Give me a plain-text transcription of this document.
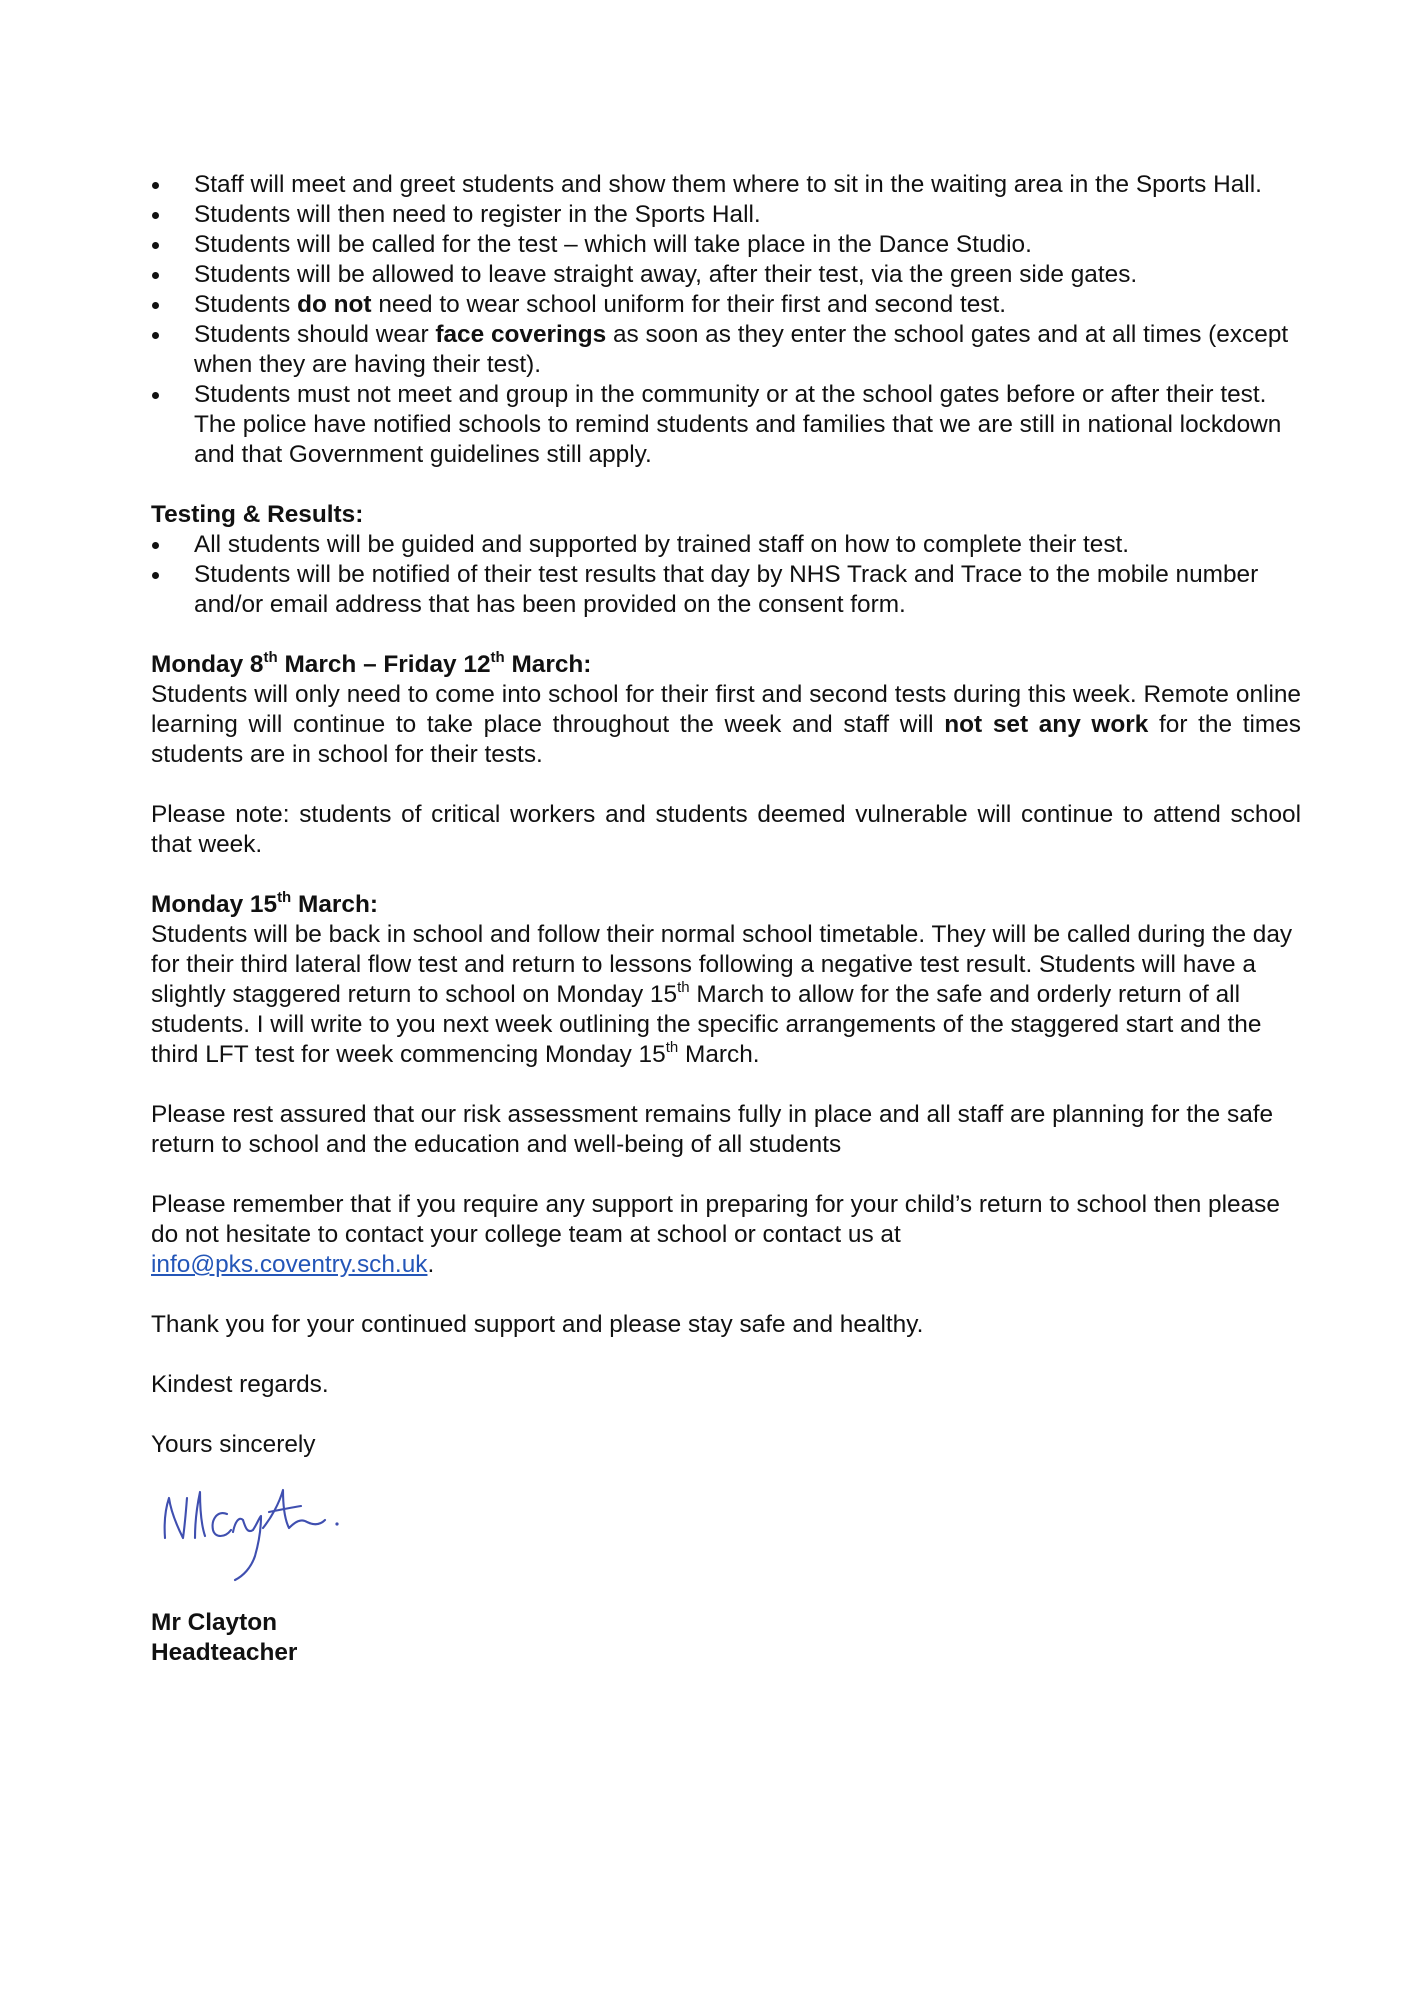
Staff will meet and greet students and show them where to sit in the waiting area in the Sports Hall.
Students will then need to register in the Sports Hall.
Students will be called for the test – which will take place in the Dance Studio.
Students will be allowed to leave straight away, after their test, via the green side gates.
Students do not need to wear school uniform for their first and second test.
Students should wear face coverings as soon as they enter the school gates and at all times (except when they are having their test).
Students must not meet and group in the community or at the school gates before or after their test. The police have notified schools to remind students and families that we are still in national lockdown and that Government guidelines still apply.

Testing & Results:

All students will be guided and supported by trained staff on how to complete their test.
Students will be notified of their test results that day by NHS Track and Trace to the mobile number and/or email address that has been provided on the consent form.

Monday 8th March – Friday 12th March:

Students will only need to come into school for their first and second tests during this week. Remote online learning will continue to take place throughout the week and staff will not set any work for the times students are in school for their tests.

Please note: students of critical workers and students deemed vulnerable will continue to attend school that week.

Monday 15th March:

Students will be back in school and follow their normal school timetable. They will be called during the day for their third lateral flow test and return to lessons following a negative test result. Students will have a slightly staggered return to school on Monday 15th March to allow for the safe and orderly return of all students. I will write to you next week outlining the specific arrangements of the staggered start and the third LFT test for week commencing Monday 15th March.

Please rest assured that our risk assessment remains fully in place and all staff are planning for the safe return to school and the education and well-being of all students

Please remember that if you require any support in preparing for your child’s return to school then please do not hesitate to contact your college team at school or contact us at
info@pks.coventry.sch.uk.

Thank you for your continued support and please stay safe and healthy.

Kindest regards.

Yours sincerely

Mr Clayton

Headteacher
